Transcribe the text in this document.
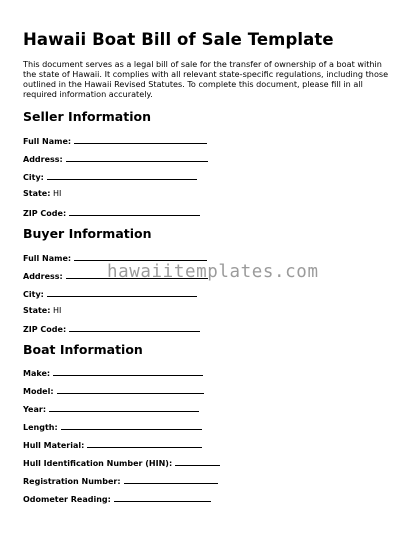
Hawaii Boat Bill of Sale Template
This document serves as a legal bill of sale for the transfer of ownership of a boat within the state of Hawaii. It complies with all relevant state-specific regulations, including those outlined in the Hawaii Revised Statutes. To complete this document, please fill in all required information accurately.
Seller Information
Full Name:
Address:
City:
State: HI
ZIP Code:
Buyer Information
Full Name:
Address:
City:
State: HI
ZIP Code:
Boat Information
Make:
Model:
Year:
Length:
Hull Material:
Hull Identification Number (HIN):
Registration Number:
Odometer Reading:
hawaiitemplates.com
